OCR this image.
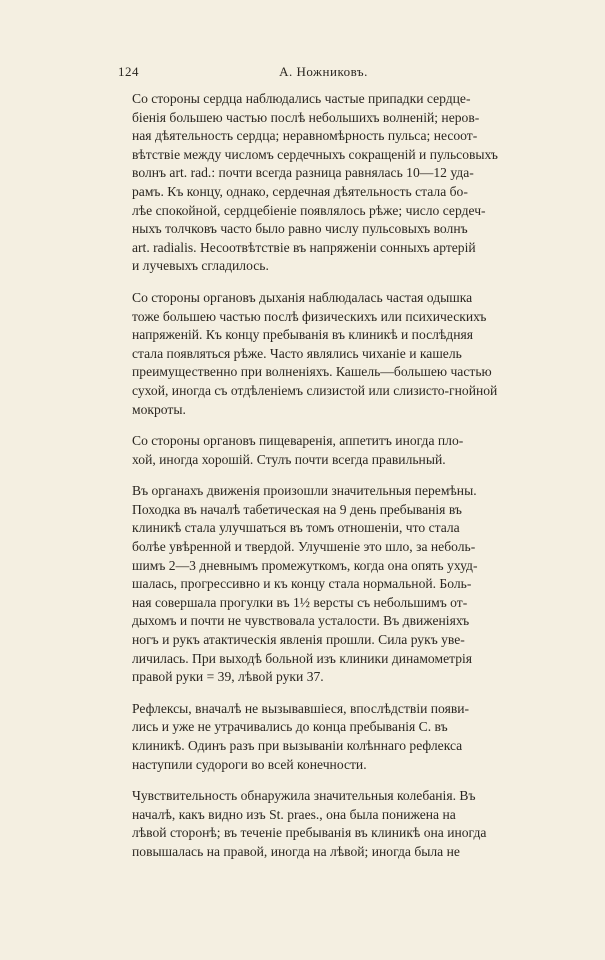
124	А. Ножниковъ.

Со стороны сердца наблюдались частые припадки сердце-
біенія большею частью послѣ небольшихъ волненій; неров-
ная дѣятельность сердца; неравномѣрность пульса; несоот-
вѣтствіе между числомъ сердечныхъ сокращеній и пульсовыхъ
волнъ art. rad.: почти всегда разница равнялась 10—12 уда-
рамъ. Къ концу, однако, сердечная дѣятельность стала бо-
лѣе спокойной, сердцебіеніе появлялось рѣже; число сердеч-
ныхъ толчковъ часто было равно числу пульсовыхъ волнъ
art. radialis. Несоотвѣтствіе въ напряженіи сонныхъ артерій
и лучевыхъ сгладилось.

Со стороны органовъ дыханія наблюдалась частая одышка
тоже большею частью послѣ физическихъ или психическихъ
напряженій. Къ концу пребыванія въ клиникѣ и послѣдняя
стала появляться рѣже. Часто являлись чиханіе и кашель
преимущественно при волненіяхъ. Кашель—большею частью
сухой, иногда съ отдѣленіемъ слизистой или слизисто-гнойной
мокроты.

Со стороны органовъ пищеваренія, аппетитъ иногда пло-
хой, иногда хорошій. Стулъ почти всегда правильный.

Въ органахъ движенія произошли значительныя перемѣны.
Походка въ началѣ табетическая на 9 день пребыванія въ
клиникѣ стала улучшаться въ томъ отношеніи, что стала
болѣе увѣренной и твердой. Улучшеніе это шло, за неболь-
шимъ 2—3 дневнымъ промежуткомъ, когда она опять ухуд-
шалась, прогрессивно и къ концу стала нормальной. Боль-
ная совершала прогулки въ 1½ версты съ небольшимъ от-
дыхомъ и почти не чувствовала усталости. Въ движеніяхъ
ногъ и рукъ атактическія явленія прошли. Сила рукъ уве-
личилась. При выходѣ больной изъ клиники динамометрія
правой руки = 39, лѣвой руки 37.

Рефлексы, вначалѣ не вызывавшіеся, впослѣдствіи появи-
лись и уже не утрачивались до конца пребыванія С. въ
клиникѣ. Одинъ разъ при вызываніи колѣннаго рефлекса
наступили судороги во всей конечности.

Чувствительность обнаружила значительныя колебанія. Въ
началѣ, какъ видно изъ St. praes., она была понижена на
лѣвой сторонѣ; въ теченіе пребыванія въ клиникѣ она иногда
повышалась на правой, иногда на лѣвой; иногда была не
